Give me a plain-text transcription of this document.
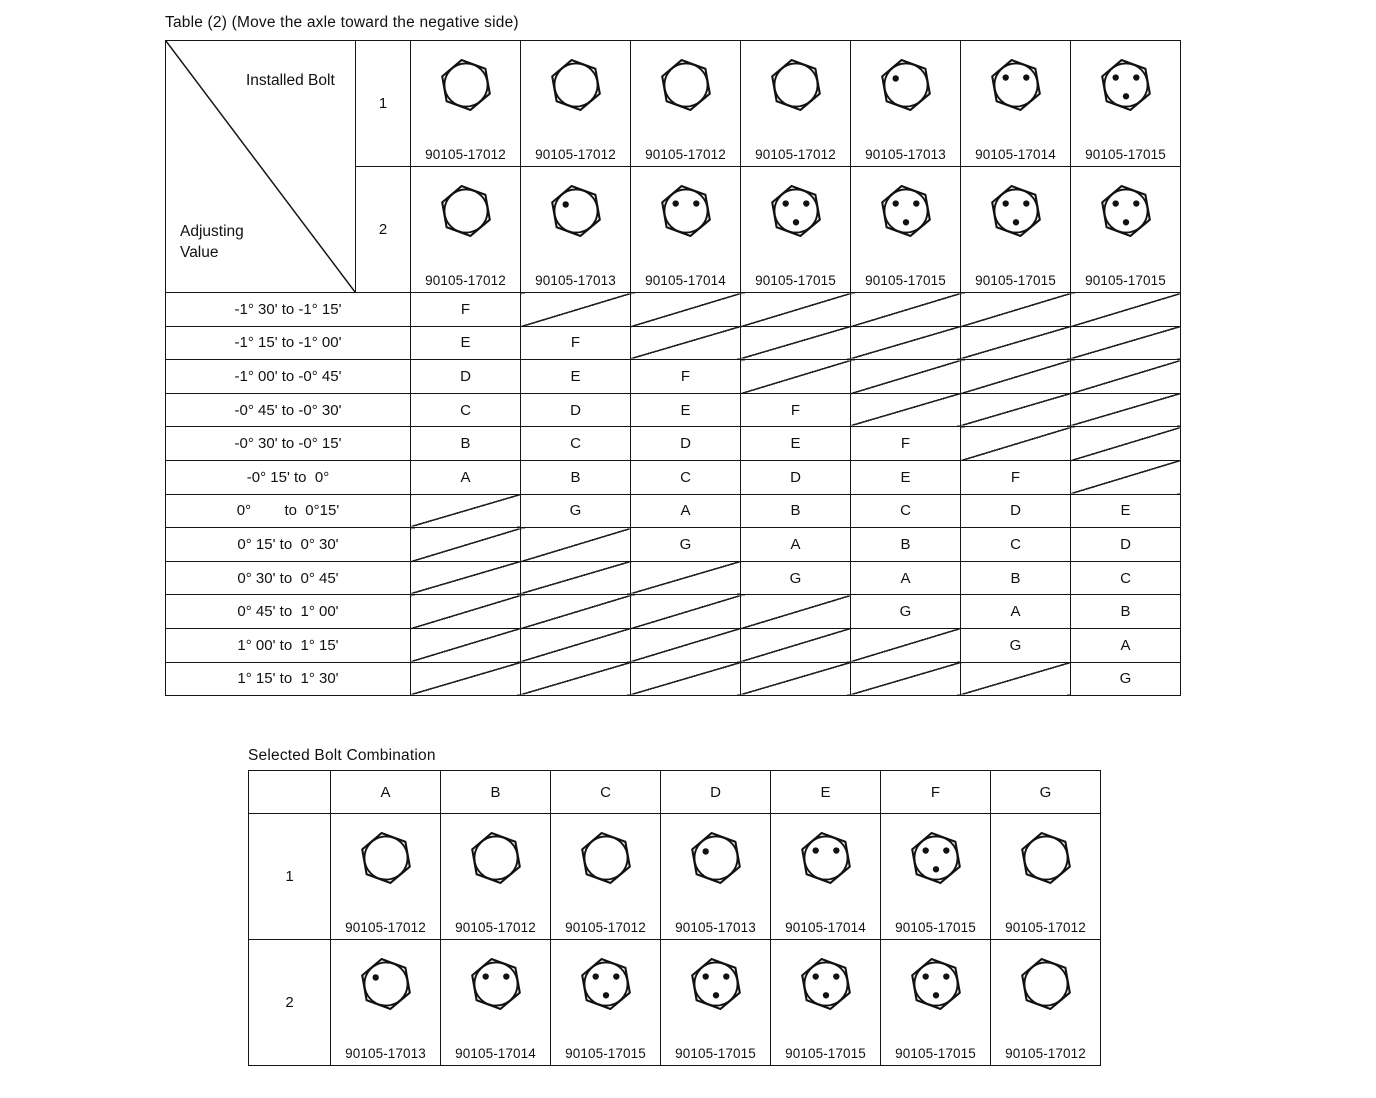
Table (2) (Move the axle toward the negative side)
Installed Bolt
Adjusting Value	1	90105-17012	90105-17012	90105-17012	90105-17012	90105-17013	90105-17014	90105-17015

	2	90105-17012	90105-17013	90105-17014	90105-17015	90105-17015	90105-17015	90105-17015

-1° 30' to -1° 15'		F						
-1° 15' to -1° 00'		E	F					
-1° 00' to -0° 45'		D	E	F				
-0° 45' to -0° 30'		C	D	E	F			
-0° 30' to -0° 15'		B	C	D	E	F		
-0° 15' to  0°		A	B	C	D	E	F	
0°        to  0°15'			G	A	B	C	D	E
0° 15' to  0° 30'				G	A	B	C	D
0° 30' to  0° 45'					G	A	B	C
0° 45' to  1° 00'						G	A	B
1° 00' to  1° 15'							G	A
1° 15' to  1° 30'								G
Selected Bolt Combination
	A	B	C	D	E	F	G
1	90105-17012	90105-17012	90105-17012	90105-17013	90105-17014	90105-17015	90105-17012

2	90105-17013	90105-17014	90105-17015	90105-17015	90105-17015	90105-17015	90105-17012
